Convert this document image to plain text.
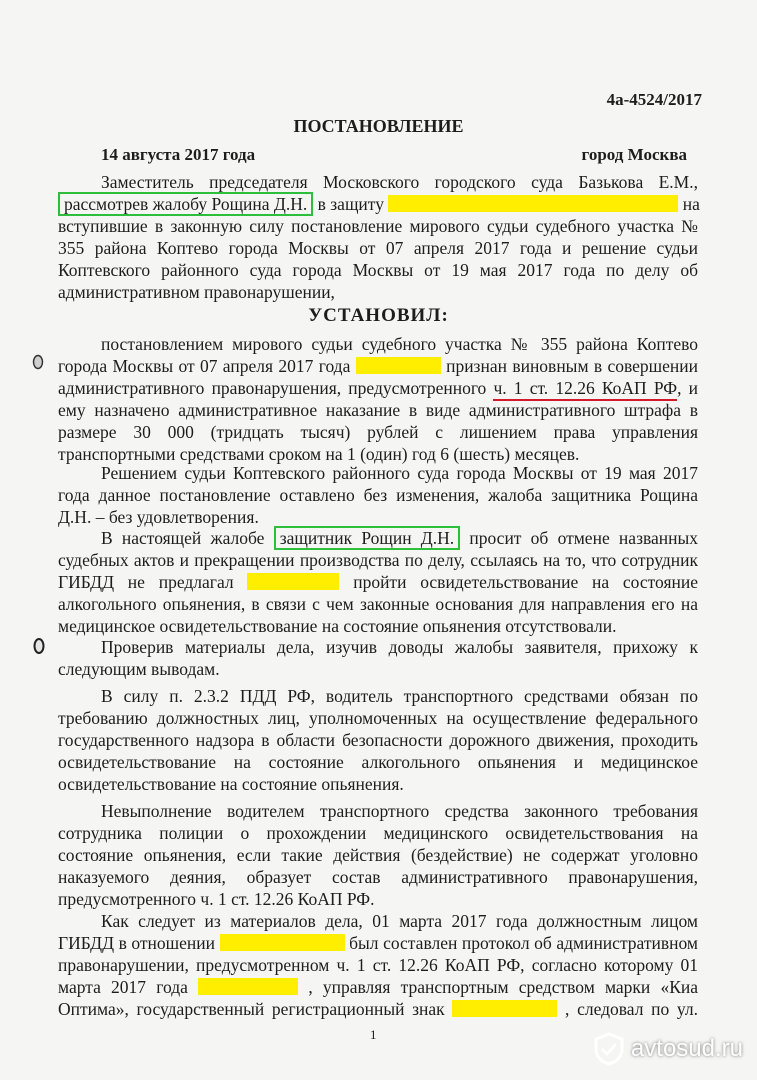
4а-4524/2017
ПОСТАНОВЛЕНИЕ
14 августа 2017 года	город Москва
Заместитель председателя Московского городского суда Базькова Е.М.,
рассмотрев жалобу Рощина Д.Н. в защиту	на
вступившие в законную силу постановление мирового судьи судебного участка №
355 района Коптево города Москвы от 07 апреля 2017 года и решение судьи
Коптевского районного суда города Москвы от 19 мая 2017 года по делу об
административном правонарушении,
УСТАНОВИЛ:
постановлением мирового судьи судебного участка № 355 района Коптево
города Москвы от 07 апреля 2017 года	признан виновным в совершении
административного правонарушения, предусмотренного ч. 1 ст. 12.26 КоАП РФ, и
ему назначено административное наказание в виде административного штрафа в
размере 30 000 (тридцать тысяч) рублей с лишением права управления
транспортными средствами сроком на 1 (один) год 6 (шесть) месяцев.
Решением судьи Коптевского районного суда города Москвы от 19 мая 2017
года данное постановление оставлено без изменения, жалоба защитника Рощина
Д.Н. – без удовлетворения.
В настоящей жалобе защитник Рощин Д.Н. просит об отмене названных
судебных актов и прекращении производства по делу, ссылаясь на то, что сотрудник
ГИБДД не предлагал	пройти освидетельствование на состояние
алкогольного опьянения, в связи с чем законные основания для направления его на
медицинское освидетельствование на состояние опьянения отсутствовали.
Проверив материалы дела, изучив доводы жалобы заявителя, прихожу к
следующим выводам.
В силу п. 2.3.2 ПДД РФ, водитель транспортного средствами обязан по
требованию должностных лиц, уполномоченных на осуществление федерального
государственного надзора в области безопасности дорожного движения, проходить
освидетельствование на состояние алкогольного опьянения и медицинское
освидетельствование на состояние опьянения.
Невыполнение водителем транспортного средства законного требования
сотрудника полиции о прохождении медицинского освидетельствования на
состояние опьянения, если такие действия (бездействие) не содержат уголовно
наказуемого деяния, образует состав административного правонарушения,
предусмотренного ч. 1 ст. 12.26 КоАП РФ.
Как следует из материалов дела, 01 марта 2017 года должностным лицом
ГИБДД в отношении	был составлен протокол об административном
правонарушении, предусмотренном ч. 1 ст. 12.26 КоАП РФ, согласно которому 01
марта 2017 года	, управляя транспортным средством марки «Киа
Оптима», государственный регистрационный знак	, следовал по ул.
1
avtosud.ru
